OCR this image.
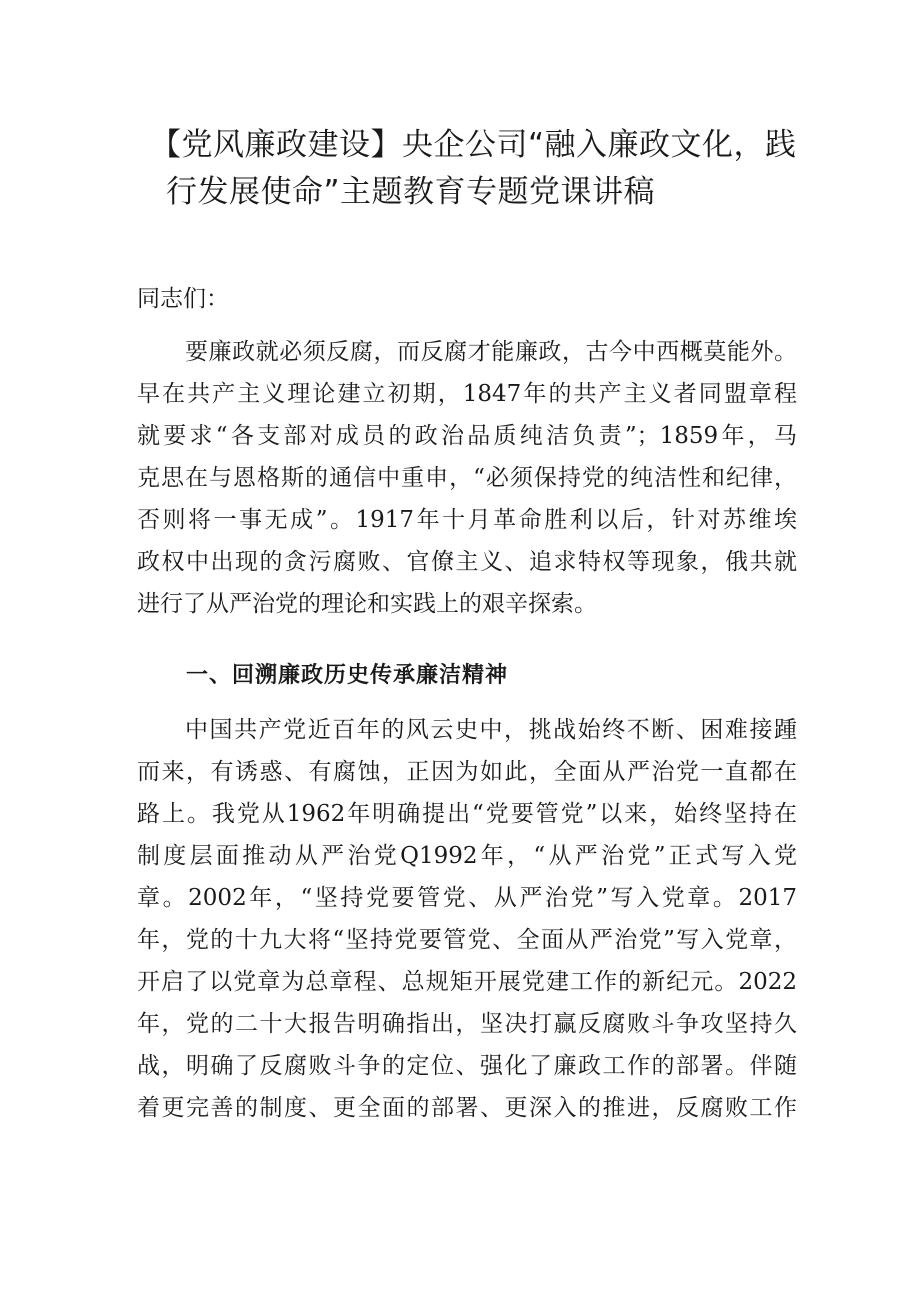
【党风廉政建设】央企公司“融入廉政文化，践
行发展使命”主题教育专题党课讲稿
同志们：
要廉政就必须反腐，而反腐才能廉政，古今中西概莫能外。
早在共产主义理论建立初期，1847年的共产主义者同盟章程
就要求“各支部对成员的政治品质纯洁负责”；1859年，马
克思在与恩格斯的通信中重申，“必须保持党的纯洁性和纪律，
否则将一事无成”。1917年十月革命胜利以后，针对苏维埃
政权中出现的贪污腐败、官僚主义、追求特权等现象，俄共就
进行了从严治党的理论和实践上的艰辛探索。
一、回溯廉政历史传承廉洁精神
中国共产党近百年的风云史中，挑战始终不断、困难接踵
而来，有诱惑、有腐蚀，正因为如此，全面从严治党一直都在
路上。我党从1962年明确提出“党要管党”以来，始终坚持在
制度层面推动从严治党Q1992年，“从严治党”正式写入党
章。2002年，“坚持党要管党、从严治党”写入党章。2017
年，党的十九大将“坚持党要管党、全面从严治党”写入党章，
开启了以党章为总章程、总规矩开展党建工作的新纪元。2022
年，党的二十大报告明确指出，坚决打赢反腐败斗争攻坚持久
战，明确了反腐败斗争的定位、强化了廉政工作的部署。伴随
着更完善的制度、更全面的部署、更深入的推进，反腐败工作
